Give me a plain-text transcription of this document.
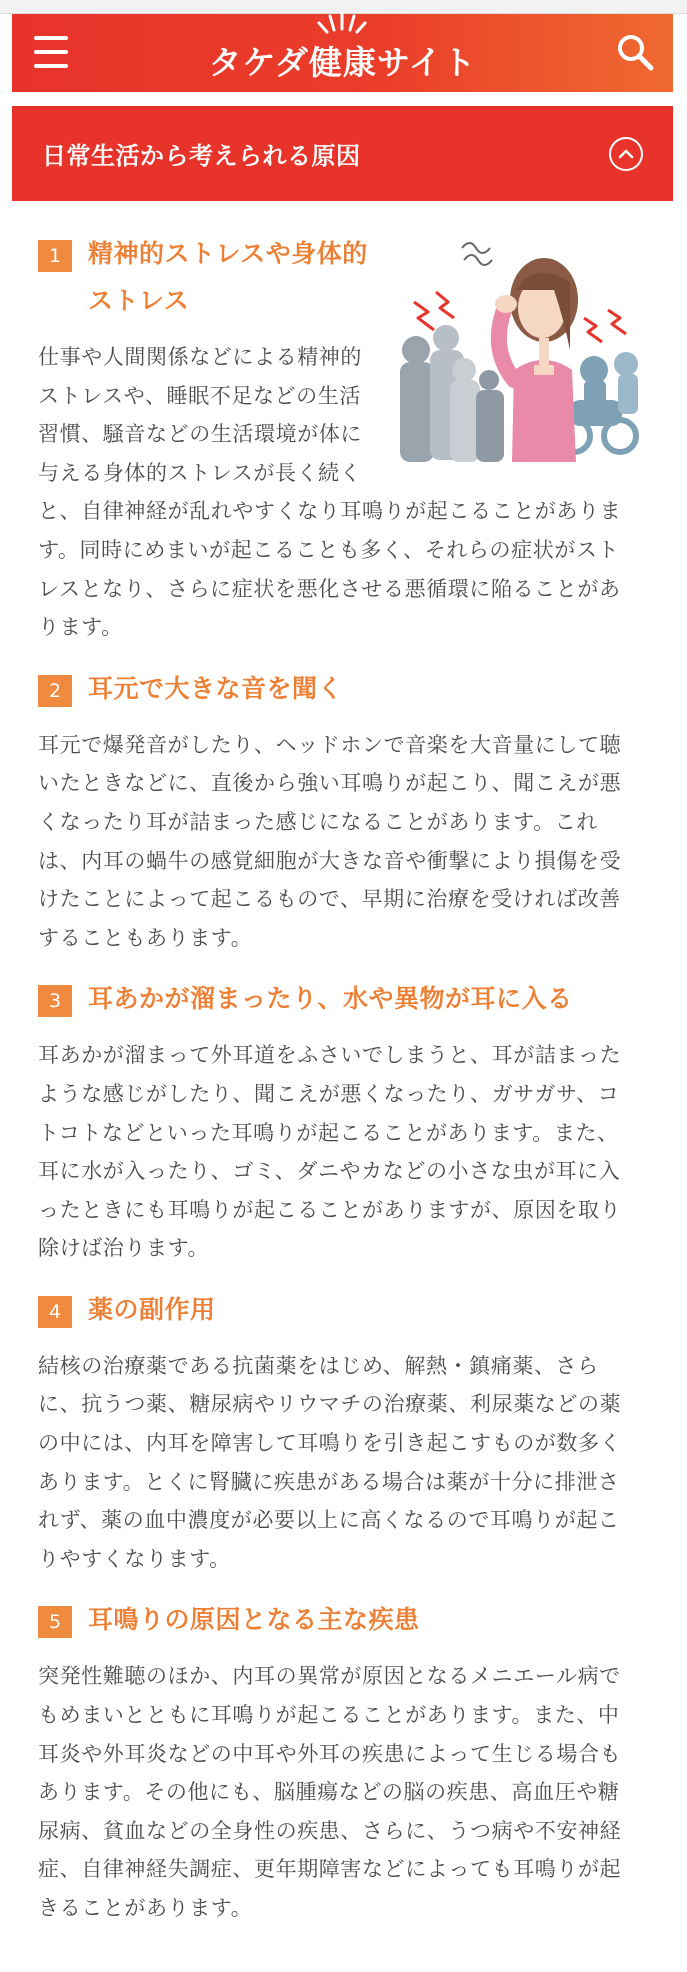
タケダ健康サイト
日常生活から考えられる原因
1	精神的ストレスや身体的ストレス

仕事や人間関係などによる精神的ストレスや、睡眠不足などの生活習慣、騒音などの生活環境が体に与える身体的ストレスが長く続くと、自律神経が乱れやすくなり耳鳴りが起こることがあります。同時にめまいが起こることも多く、それらの症状がストレスとなり、さらに症状を悪化させる悪循環に陥ることがあります。

2	耳元で大きな音を聞く

耳元で爆発音がしたり、ヘッドホンで音楽を大音量にして聴いたときなどに、直後から強い耳鳴りが起こり、聞こえが悪くなったり耳が詰まった感じになることがあります。これは、内耳の蝸牛の感覚細胞が大きな音や衝撃により損傷を受けたことによって起こるもので、早期に治療を受ければ改善することもあります。

3	耳あかが溜まったり、水や異物が耳に入る

耳あかが溜まって外耳道をふさいでしまうと、耳が詰まったような感じがしたり、聞こえが悪くなったり、ガサガサ、コトコトなどといった耳鳴りが起こることがあります。また、耳に水が入ったり、ゴミ、ダニやカなどの小さな虫が耳に入ったときにも耳鳴りが起こることがありますが、原因を取り除けば治ります。

4	薬の副作用

結核の治療薬である抗菌薬をはじめ、解熱・鎮痛薬、さらに、抗うつ薬、糖尿病やリウマチの治療薬、利尿薬などの薬の中には、内耳を障害して耳鳴りを引き起こすものが数多くあります。とくに腎臓に疾患がある場合は薬が十分に排泄されず、薬の血中濃度が必要以上に高くなるので耳鳴りが起こりやすくなります。

5	耳鳴りの原因となる主な疾患

突発性難聴のほか、内耳の異常が原因となるメニエール病でもめまいとともに耳鳴りが起こることがあります。また、中耳炎や外耳炎などの中耳や外耳の疾患によって生じる場合もあります。その他にも、脳腫瘍などの脳の疾患、高血圧や糖尿病、貧血などの全身性の疾患、さらに、うつ病や不安神経症、自律神経失調症、更年期障害などによっても耳鳴りが起きることがあります。
